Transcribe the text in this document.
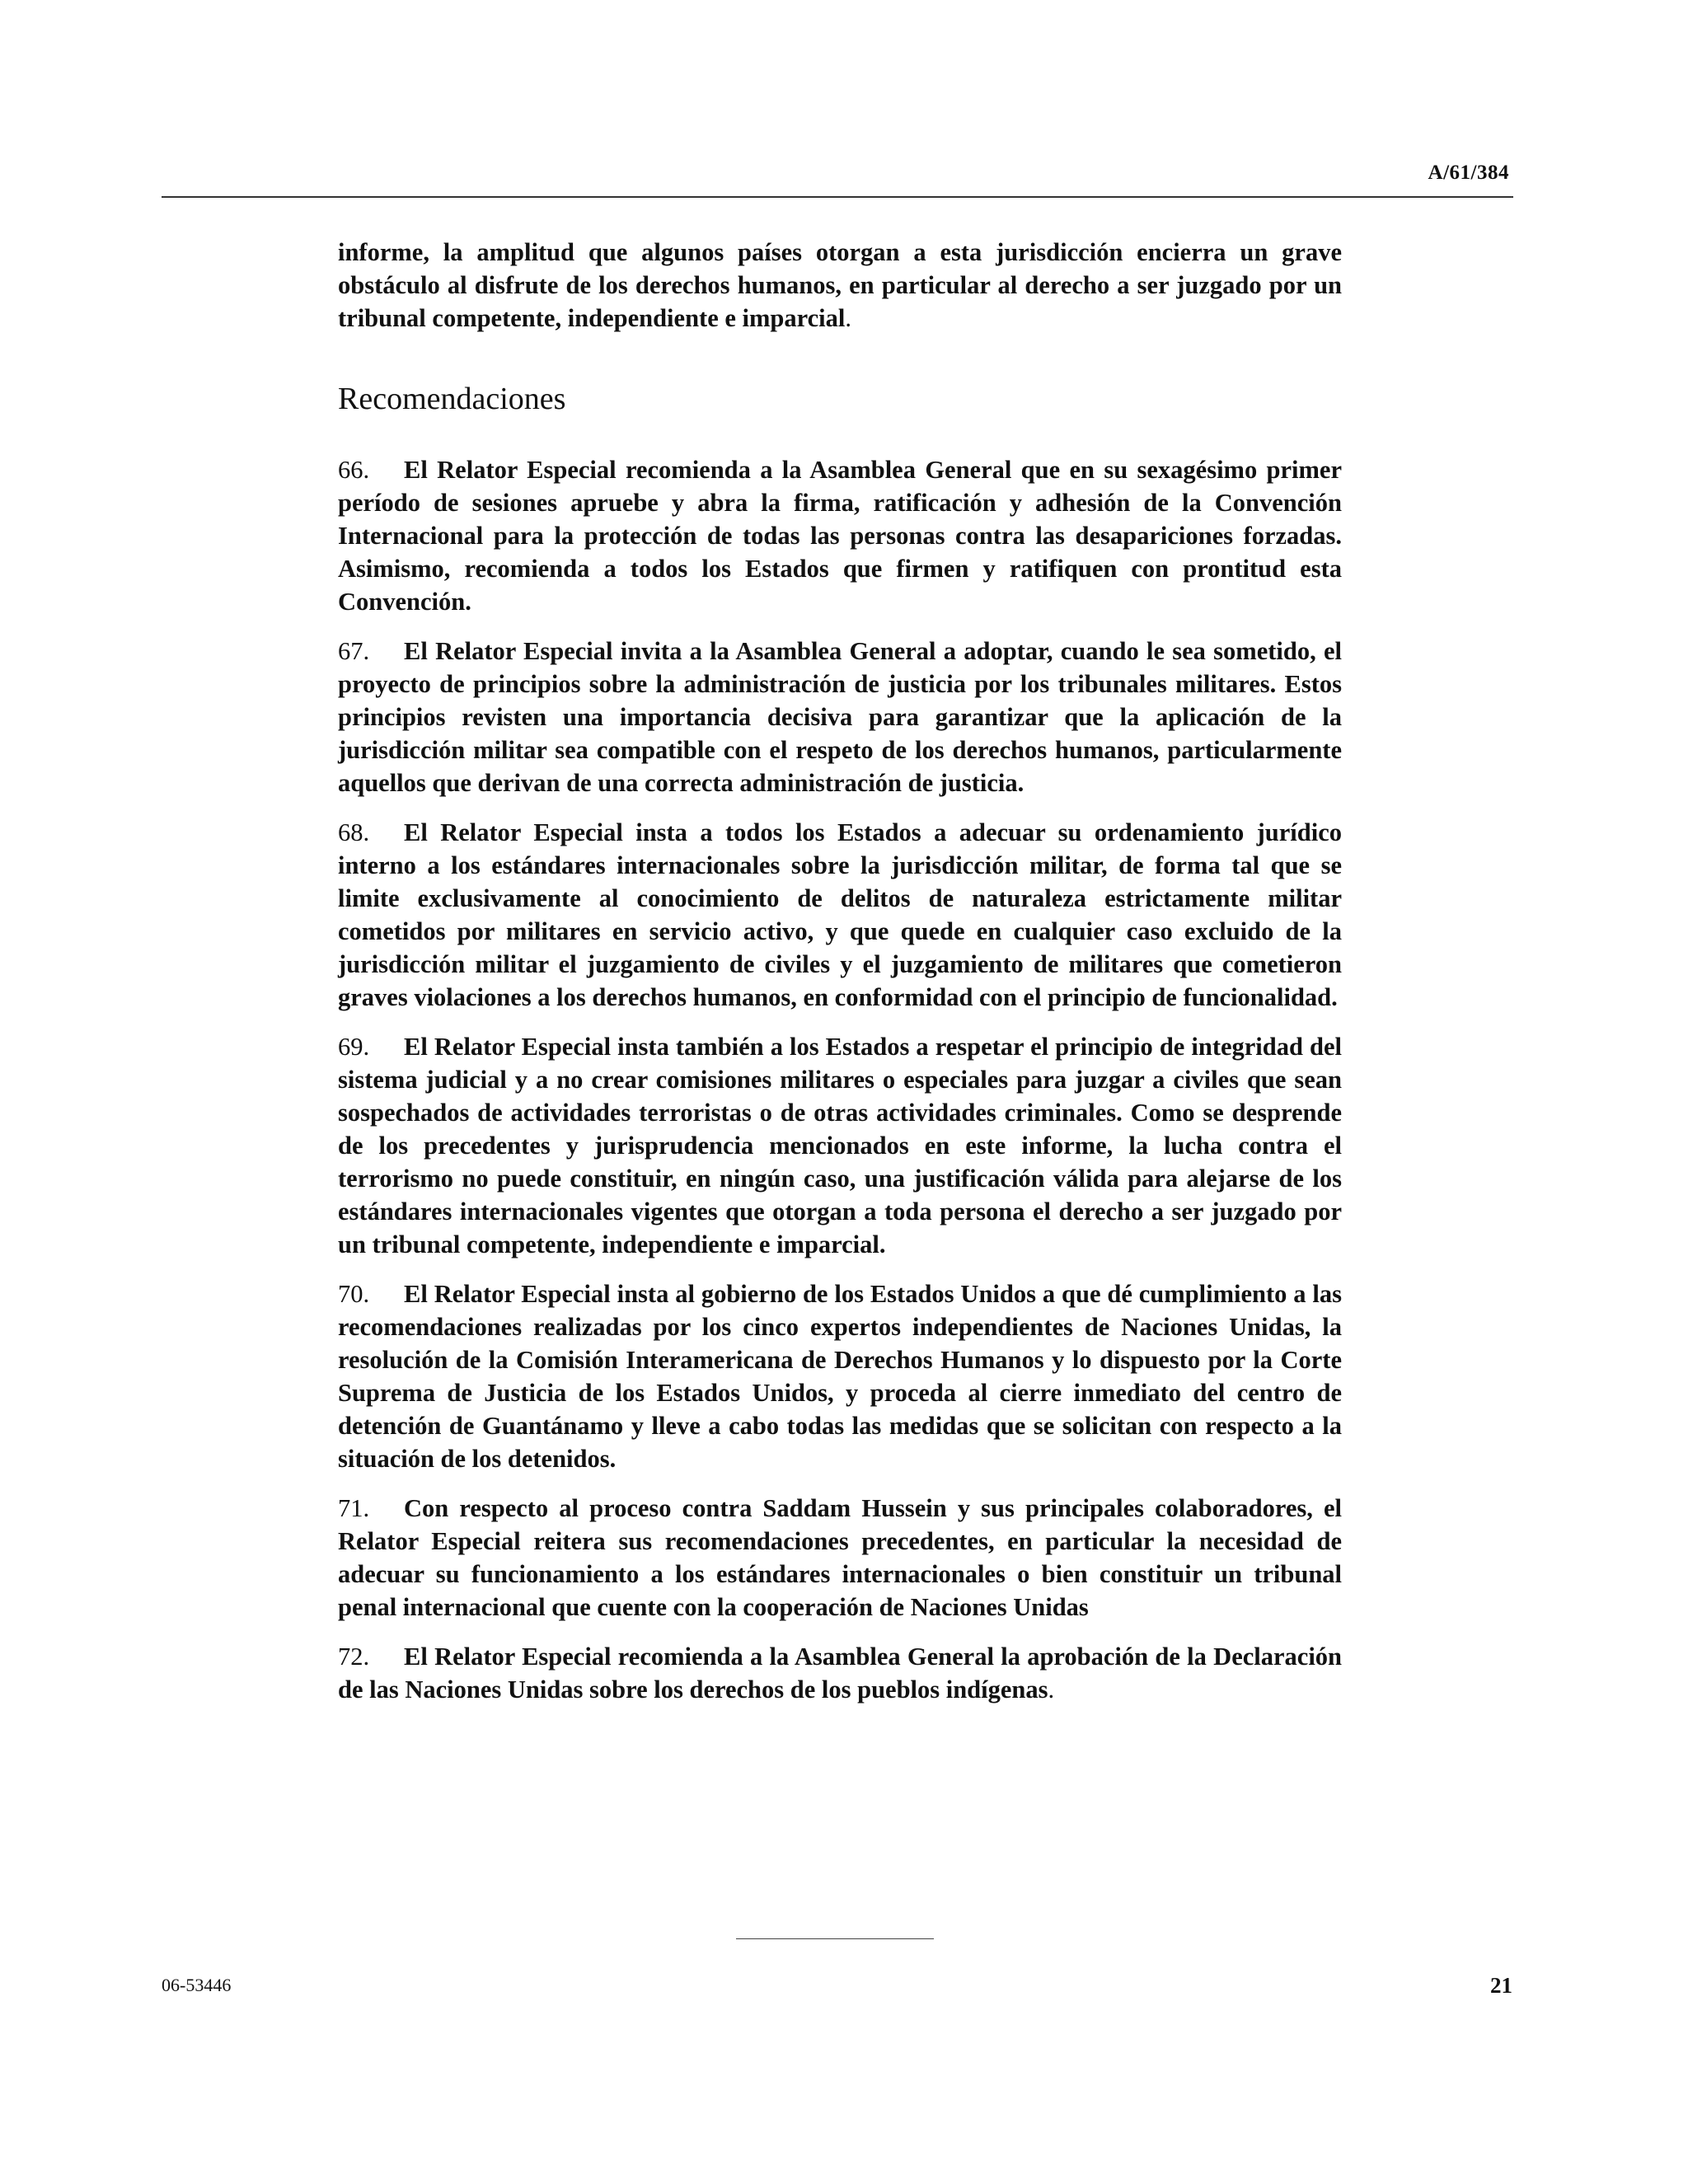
A/61/384

informe, la amplitud que algunos países otorgan a esta jurisdicción encierra un grave obstáculo al disfrute de los derechos humanos, en particular al derecho a ser juzgado por un tribunal competente, independiente e imparcial.

Recomendaciones

66. El Relator Especial recomienda a la Asamblea General que en su sexagésimo primer período de sesiones apruebe y abra la firma, ratificación y adhesión de la Convención Internacional para la protección de todas las personas contra las desapariciones forzadas. Asimismo, recomienda a todos los Estados que firmen y ratifiquen con prontitud esta Convención.

67. El Relator Especial invita a la Asamblea General a adoptar, cuando le sea sometido, el proyecto de principios sobre la administración de justicia por los tribunales militares. Estos principios revisten una importancia decisiva para garantizar que la aplicación de la jurisdicción militar sea compatible con el respeto de los derechos humanos, particularmente aquellos que derivan de una correcta administración de justicia.

68. El Relator Especial insta a todos los Estados a adecuar su ordenamiento jurídico interno a los estándares internacionales sobre la jurisdicción militar, de forma tal que se limite exclusivamente al conocimiento de delitos de naturaleza estrictamente militar cometidos por militares en servicio activo, y que quede en cualquier caso excluido de la jurisdicción militar el juzgamiento de civiles y el juzgamiento de militares que cometieron graves violaciones a los derechos humanos, en conformidad con el principio de funcionalidad.

69. El Relator Especial insta también a los Estados a respetar el principio de integridad del sistema judicial y a no crear comisiones militares o especiales para juzgar a civiles que sean sospechados de actividades terroristas o de otras actividades criminales. Como se desprende de los precedentes y jurisprudencia mencionados en este informe, la lucha contra el terrorismo no puede constituir, en ningún caso, una justificación válida para alejarse de los estándares internacionales vigentes que otorgan a toda persona el derecho a ser juzgado por un tribunal competente, independiente e imparcial.

70. El Relator Especial insta al gobierno de los Estados Unidos a que dé cumplimiento a las recomendaciones realizadas por los cinco expertos independientes de Naciones Unidas, la resolución de la Comisión Interamericana de Derechos Humanos y lo dispuesto por la Corte Suprema de Justicia de los Estados Unidos, y proceda al cierre inmediato del centro de detención de Guantánamo y lleve a cabo todas las medidas que se solicitan con respecto a la situación de los detenidos.

71. Con respecto al proceso contra Saddam Hussein y sus principales colaboradores, el Relator Especial reitera sus recomendaciones precedentes, en particular la necesidad de adecuar su funcionamiento a los estándares internacionales o bien constituir un tribunal penal internacional que cuente con la cooperación de Naciones Unidas

72. El Relator Especial recomienda a la Asamblea General la aprobación de la Declaración de las Naciones Unidas sobre los derechos de los pueblos indígenas.

06-53446	21
